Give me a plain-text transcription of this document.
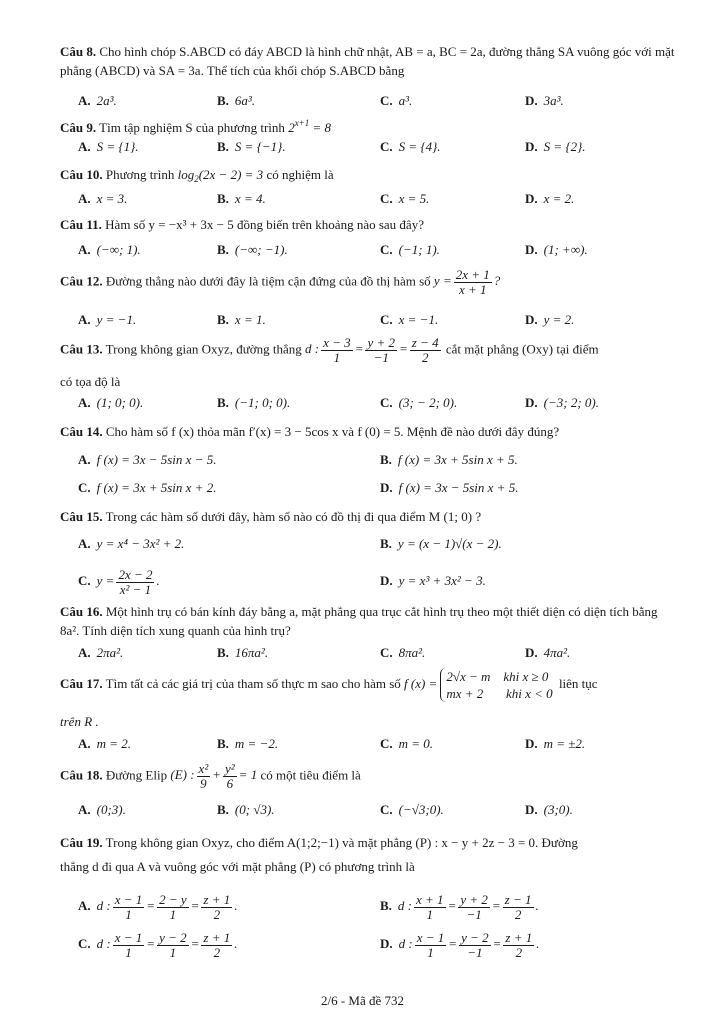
Câu 8. Cho hình chóp S.ABCD có đáy ABCD là hình chữ nhật, AB = a, BC = 2a, đường thẳng SA vuông góc với mặt phẳng (ABCD) và SA = 3a. Thể tích của khối chóp S.ABCD bằng
A. 2a³.	B. 6a³.	C. a³.	D. 3a³.
Câu 9. Tìm tập nghiệm S của phương trình $2^{x+1} = 8$
A. S = {1}.	B. S = {−1}.	C. S = {4}.	D. S = {2}.
Câu 10. Phương trình $\log_2(2x - 2) = 3$ có nghiệm là
A. x = 3.	B. x = 4.	C. x = 5.	D. x = 2.
Câu 11. Hàm số y = −x³ + 3x − 5 đồng biến trên khoảng nào sau đây?
A. (−∞; 1).	B. (−∞; −1).	C. (−1; 1).	D. (1; +∞).
Câu 12. Đường thẳng nào dưới đây là tiệm cận đứng của đồ thị hàm số $y = \frac{2x + 1}{x + 1}$ ?
A. y = −1.	B. x = 1.	C. x = −1.	D. y = 2.
Câu 13. Trong không gian Oxyz, đường thẳng d : $\frac{x - 3}{1} = \frac{y + 2}{-1} = \frac{z - 4}{2}$ cắt mặt phẳng (Oxy) tại điểm
có tọa độ là
A. (1; 0; 0).	B. (−1; 0; 0).	C. (3; − 2; 0).	D. (−3; 2; 0).
Câu 14. Cho hàm số f (x) thỏa mãn f′(x) = 3 − 5cos x và f (0) = 5. Mệnh đề nào dưới đây đúng?
A. f (x) = 3x − 5sin x − 5.	B. f (x) = 3x + 5sin x + 5.
C. f (x) = 3x + 5sin x + 2.	D. f (x) = 3x − 5sin x + 5.
Câu 15. Trong các hàm số dưới đây, hàm số nào có đồ thị đi qua điểm M (1; 0) ?
A. y = x⁴ − 3x² + 2.	B. y = (x − 1)√(x − 2).
C. $y = \frac{2x - 2}{\text{x² − 1}}$ .	D. y = x³ + 3x² − 3.
Câu 16. Một hình trụ có bán kính đáy bằng a, mặt phẳng qua trục cắt hình trụ theo một thiết diện có diện tích bằng 8a². Tính diện tích xung quanh của hình trụ?
A. 2πa².	B. 16πa².	C. 8πa².	D. 4πa².
Câu 17. Tìm tất cả các giá trị của tham số thực m sao cho hàm số f (x) = 2√x − m    khi x ≥ 0
mx + 2       khi x < 0
liên tục
trên R .
A. m = 2.	B. m = −2.	C. m = 0.	D. m = ±2.
Câu 18. Đường Elip (E) : $\frac{\text{x²}}{9} + \frac{\text{y²}}{6} = 1$ có một tiêu điểm là
A. (0;3).	B. (0; √3).	C. (−√3;0).	D. (3;0).
Câu 19. Trong không gian Oxyz, cho điểm A(1;2;−1) và mặt phẳng (P) : x − y + 2z − 3 = 0. Đường
thẳng d đi qua A và vuông góc với mặt phẳng (P) có phương trình là
A. d : $\frac{x - 1}{1} = \frac{2 - y}{1} = \frac{z + 1}{2}$ .	B. d : $\frac{x + 1}{1} = \frac{y + 2}{-1} = \frac{z - 1}{2}$ .
C. d : $\frac{x - 1}{1} = \frac{y - 2}{1} = \frac{z + 1}{2}$ .	D. d : $\frac{x - 1}{1} = \frac{y - 2}{-1} = \frac{z + 1}{2}$ .
2/6 - Mã đề 732
